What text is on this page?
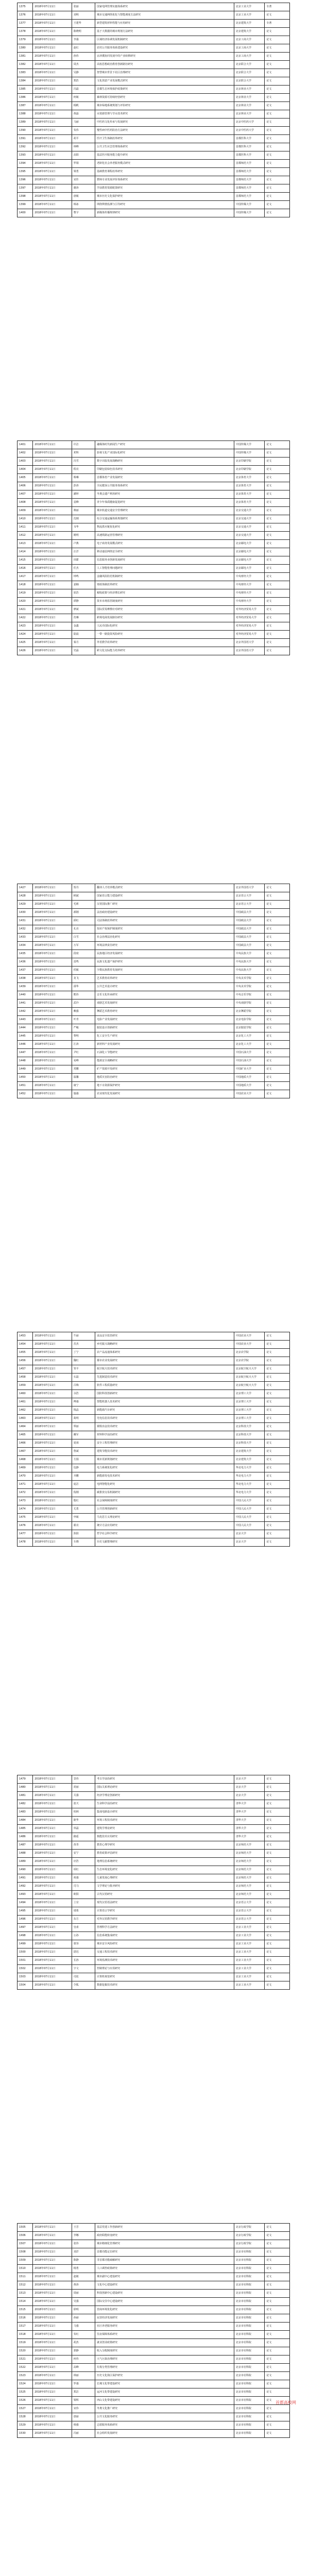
1375	2018年07月11日	张丽	国家电网管理实施体系研究	北京工业大学	专著
1376	2018年07月11日	刘明	城市交通网络优化与智能调度方法研究	北京工业大学	论文
1377	2018年07月11日	王建华	新型建筑材料性能与应用研究	北京建筑大学	专著
1378	2018年07月11日	陈晓明	基于大数据的城市规划方法研究	北京建筑大学	论文
1379	2018年07月11日	李强	区域经济协调发展机制研究	北京工商大学	论文
1380	2018年07月11日	赵红	农村公共服务体系建设研究	北京工商大学	论文
1381	2018年07月11日	孙伟	京津冀协同发展中的产业转移研究	北京工商大学	论文
1382	2018年07月11日	周杰	高校思想政治教育创新路径研究	北京联合大学	论文
1383	2018年07月11日	吴静	智慧城市背景下社区治理研究	北京联合大学	论文
1384	2018年07月11日	郑浩	文化创意产业发展模式研究	北京联合大学	论文
1385	2018年07月11日	冯磊	首都生态环境保护政策研究	北京林业大学	论文
1386	2018年07月11日	何敏	森林资源可持续经营研究	北京林业大学	论文
1387	2018年07月11日	杨帆	城市绿地系统规划与评价研究	北京林业大学	论文
1388	2018年07月11日	黄磊	水资源管理与节水技术研究	北京林业大学	论文
1389	2018年07月11日	马丽	中医药文化传承与发展研究	北京中医药大学	论文
1390	2018年07月11日	朱伟	慢性病中医药防治方法研究	北京中医药大学	论文
1391	2018年07月11日	胡平	医疗卫生体制改革研究	首都医科大学	论文
1392	2018年07月11日	林峰	公共卫生应急管理体系研究	首都医科大学	论文
1393	2018年07月11日	高阳	基层医疗服务能力提升研究	首都医科大学	论文
1394	2018年07月11日	罗娟	老龄化社会养老服务模式研究	首都师范大学	论文
1395	2018年07月11日	梁勇	基础教育课程改革研究	首都师范大学	论文
1396	2018年07月11日	宋佳	教师专业发展评价体系研究	首都师范大学	论文
1397	2018年07月11日	谢涛	学前教育资源配置研究	首都师范大学	论文
1398	2018年07月11日	唐敏	城市历史文化保护研究	首都师范大学	论文
1399	2018年07月11日	韩冰	网络舆情监测与引导研究	中国传媒大学	论文
1400	2018年07月11日	曹宇	新媒体传播规律研究	中国传媒大学	论文
1401	2018年07月11日	许洁	融媒体时代新闻生产研究	中国传媒大学	论文
1402	2018年07月11日	邓辉	影视文化产业国际化研究	中国传媒大学	论文
1403	2018年07月11日	冯雪	数字出版发展战略研究	北京印刷学院	论文
1404	2018年07月11日	程亮	印刷包装绿色技术研究	北京印刷学院	论文
1405	2018年07月11日	蔡琳	首都体育产业发展研究	北京体育大学	论文
1406	2018年07月11日	彭涛	全民健身公共服务体系研究	北京体育大学	论文
1407	2018年07月11日	潘婷	冬奥会遗产利用研究	北京体育大学	论文
1408	2018年07月11日	袁峰	青少年体质健康促进研究	北京体育大学	论文
1409	2018年07月11日	蒋丽	城市轨道交通安全管理研究	北京交通大学	论文
1410	2018年07月11日	沈刚	综合交通运输体系规划研究	北京交通大学	论文
1411	2018年07月11日	韦华	物流供应链优化研究	北京交通大学	论文
1412	2018年07月11日	姚明	高速铁路运营管理研究	北京交通大学	论文
1413	2018年07月11日	卢燕	电子商务发展模式研究	北京邮电大学	论文
1414	2018年07月11日	汪洋	移动通信网络安全研究	北京邮电大学	论文
1415	2018年07月11日	田甜	信息服务业创新发展研究	北京邮电大学	论文
1416	2018年07月11日	任杰	人工智能伦理问题研究	北京邮电大学	论文
1417	2018年07月11日	钟鸣	金融风险防范机制研究	中央财经大学	论文
1418	2018年07月11日	姜楠	财政体制改革研究	中央财经大学	论文
1419	2018年07月11日	崔浩	税收政策与经济增长研究	中央财经大学	论文
1420	2018年07月11日	谭静	资本市场监管制度研究	中央财经大学	论文
1421	2018年07月11日	廖斌	国际贸易摩擦应对研究	对外经济贸易大学	论文
1422	2018年07月11日	范琳	跨境电商发展路径研究	对外经济贸易大学	论文
1423	2018年07月11日	金鑫	人民币国际化研究	对外经济贸易大学	论文
1424	2018年07月11日	陆晨	一带一路投资风险研究	对外经济贸易大学	论文
1425	2018年07月11日	秦月	外语教学改革研究	北京外国语大学	论文
1426	2018年07月11日	史磊	跨文化交际能力培养研究	北京外国语大学	论文
1427	2018年07月11日	贺丹	翻译人才培养模式研究	北京外国语大学	论文
1428	2018年07月11日	顾斌	国家语言能力建设研究	北京语言大学	论文
1429	2018年07月11日	毛莉	汉语国际推广研究	北京语言大学	论文
1430	2018年07月11日	郝刚	法治政府建设研究	中国政法大学	论文
1431	2018年07月11日	邱红	司法体制改革研究	中国政法大学	论文
1432	2018年07月11日	孔亮	知识产权保护制度研究	中国政法大学	论文
1433	2018年07月11日	白雪	社会治理法治化研究	中国政法大学	论文
1434	2018年07月11日	万军	环境法律责任研究	中国政法大学	论文
1435	2018年07月11日	段琦	民族地区经济发展研究	中央民族大学	论文
1436	2018年07月11日	雷鸣	民族文化遗产保护研究	中央民族大学	论文
1437	2018年07月11日	侯敏	少数民族教育发展研究	中央民族大学	论文
1438	2018年07月11日	龙飞	艺术教育改革研究	中央美术学院	论文
1439	2018年07月11日	邵华	公共艺术设计研究	中央美术学院	论文
1440	2018年07月11日	熊伟	音乐文化传承研究	中央音乐学院	论文
1441	2018年07月11日	武玲	戏剧艺术发展研究	中央戏剧学院	论文
1442	2018年07月11日	赖强	舞蹈艺术教育研究	北京舞蹈学院	论文
1443	2018年07月11日	叶青	电影产业发展研究	北京电影学院	论文
1444	2018年07月11日	严峻	服装设计创新研究	北京服装学院	论文
1445	2018年07月11日	黎明	化工安全生产研究	北京化工大学	论文
1446	2018年07月11日	江涛	新材料产业发展研究	北京化工大学	论文
1447	2018年07月11日	尹红	石油化工节能研究	中国石油大学	论文
1448	2018年07月11日	易峰	能源安全战略研究	中国石油大学	论文
1449	2018年07月11日	常鹏	矿产资源开发研究	中国矿业大学	论文
1450	2018年07月11日	温馨	地质灾害防治研究	中国地质大学	论文
1451	2018年07月11日	康宁	地下水资源保护研究	中国地质大学	论文
1452	2018年07月11日	施强	农业现代化发展研究	中国农业大学	论文
1453	2018年07月11日	牛丽	食品安全监管研究	中国农业大学	论文
1454	2018年07月11日	苏杰	乡村振兴战略研究	中国农业大学	论文
1455	2018年07月11日	丁宁	农产品流通体系研究	北京农学院	论文
1456	2018年07月11日	魏红	都市农业发展研究	北京农学院	论文
1457	2018年07月11日	邹平	航空航天技术研究	北京航空航天大学	论文
1458	2018年07月11日	石磊	先进制造技术研究	北京航空航天大学	论文
1459	2018年07月11日	吕梅	软件工程质量研究	北京航空航天大学	论文
1460	2018年07月11日	余浩	国防科技创新研究	北京理工大学	论文
1461	2018年07月11日	傅强	智能机器人技术研究	北京理工大学	论文
1462	2018年07月11日	钱晶	新能源汽车研究	北京理工大学	论文
1463	2018年07月11日	葛明	光电信息技术研究	北京理工大学	论文
1464	2018年07月11日	覃丽	钢铁冶金技术研究	北京科技大学	论文
1465	2018年07月11日	戴军	材料科学前沿研究	北京科技大学	论文
1466	2018年07月11日	夏雨	安全工程管理研究	北京科技大学	论文
1467	2018年07月11日	鲁斌	建筑节能技术研究	北京建筑大学	论文
1468	2018年07月11日	方圆	城市更新规划研究	北京建筑大学	论文
1469	2018年07月11日	包静	电力系统优化研究	华北电力大学	论文
1470	2018年07月11日	齐鹏	新能源发电技术研究	华北电力大学	论文
1471	2018年07月11日	庞洁	电网智能化研究	华北电力大学	论文
1472	2018年07月11日	倪刚	碳排放交易机制研究	华北电力大学	论文
1473	2018年07月11日	殷红	社会保障制度研究	中国人民大学	论文
1474	2018年07月11日	尤勇	公共管理创新研究	中国人民大学	论文
1475	2018年07月11日	申敏	马克思主义理论研究	中国人民大学	论文
1476	2018年07月11日	翟亮	统计方法应用研究	中国人民大学	论文
1477	2018年07月11日	焦阳	哲学社会科学研究	北京大学	论文
1478	2018年07月11日	车晓	历史文献整理研究	北京大学	论文
1479	2018年07月11日	景伟	考古学前沿研究	北京大学	论文
1480	2018年07月11日	封丽	国际关系理论研究	北京大学	论文
1481	2018年07月11日	关强	经济学理论创新研究	北京大学	论文
1482	2018年07月11日	蓝天	生命科学前沿研究	清华大学	论文
1483	2018年07月11日	柏林	集成电路设计研究	清华大学	论文
1484	2018年07月11日	耿华	环境工程技术研究	清华大学	论文
1485	2018年07月11日	单磊	建筑学理论研究	清华大学	论文
1486	2018年07月11日	路遥	核能技术应用研究	清华大学	论文
1487	2018年07月11日	苗青	教育心理学研究	北京师范大学	论文
1488	2018年07月11日	安宁	教育政策评估研究	北京师范大学	论文
1489	2018年07月11日	应浩	地理信息系统研究	北京师范大学	论文
1490	2018年07月11日	项红	生态环境变化研究	北京师范大学	论文
1491	2018年07月11日	祝强	儿童发展心理研究	北京师范大学	论文
1492	2018年07月11日	司马	文学理论与批评研究	北京师范大学	论文
1493	2018年07月11日	欧阳	古代汉语研究	北京师范大学	论文
1494	2018年07月11日	上官	现代汉语语法研究	北京语言大学	论文
1495	2018年07月11日	诸葛	计算语言学研究	北京语言大学	论文
1496	2018年07月11日	东方	对外汉语教学研究	北京语言大学	论文
1497	2018年07月11日	皇甫	管理科学方法研究	北京工业大学	论文
1498	2018年07月11日	公孙	信息系统集成研究	北京工业大学	论文
1499	2018年07月11日	慕容	城市安全风险研究	北京工业大学	论文
1500	2018年07月11日	尉迟	交通工程技术研究	北京工业大学	论文
1501	2018年07月11日	长孙	环境监测技术研究	北京工业大学	论文
1502	2018年07月11日	宇文	控制理论与应用研究	北京工业大学	论文
1503	2018年07月11日	司徒	计算机视觉研究	北京工业大学	论文
1504	2018年07月11日	令狐	数据挖掘技术研究	北京工业大学	论文
1505	2018年07月11日	王芳	基层党建工作创新研究	北京行政学院	论文
1506	2018年07月11日	李娜	政府职能转变研究	北京行政学院	论文
1507	2018年07月11日	张伟	城市精细化管理研究	北京行政学院	论文
1508	2018年07月11日	刘洋	首都功能定位研究	北京市社科院	论文
1509	2018年07月11日	陈静	非首都功能疏解研究	北京市社科院	论文
1510	2018年07月11日	杨勇	人口调控政策研究	北京市社科院	论文
1511	2018年07月11日	赵敏	城市副中心建设研究	北京市社科院	论文
1512	2018年07月11日	黄涛	文化中心建设研究	北京市社科院	论文
1513	2018年07月11日	周丽	科技创新中心建设研究	北京市社科院	论文
1514	2018年07月11日	吴强	国际交往中心建设研究	北京市社科院	论文
1515	2018年07月11日	徐明	营商环境优化研究	北京市社科院	论文
1516	2018年07月11日	孙丽	民营经济发展研究	北京市社科院	论文
1517	2018年07月11日	马强	社区养老服务研究	北京市社科院	论文
1518	2018年07月11日	朱红	住房保障体系研究	北京市社科院	论文
1519	2018年07月11日	胡杰	就业创业政策研究	北京市社科院	论文
1520	2018年07月11日	郭静	收入分配制度研究	北京市社科院	论文
1521	2018年07月11日	何伟	大气污染治理研究	北京市社科院	论文
1522	2018年07月11日	高峰	垃圾分类管理研究	北京市社科院	论文
1523	2018年07月11日	林丽	历史文化街区保护研究	北京市社科院	论文
1524	2018年07月11日	罗强	长城文化带建设研究	北京市社科院	论文
1525	2018年07月11日	郑洁	运河文化带建设研究	北京市社科院	论文
1526	2018年07月11日	梁辉	西山文化带建设研究	北京市社科院	论文
1527	2018年07月11日	宋伟	冬奥文化推广研究	北京市社科院	论文
1528	2018年07月11日	唐丽	公共文化服务研究	北京市社科院	论文
1529	2018年07月11日	韩强	志愿服务体系研究	北京市社科院	论文
1530	2018年07月11日	冯丽	社会组织发展研究	北京市社科院	论文

首都高校网
